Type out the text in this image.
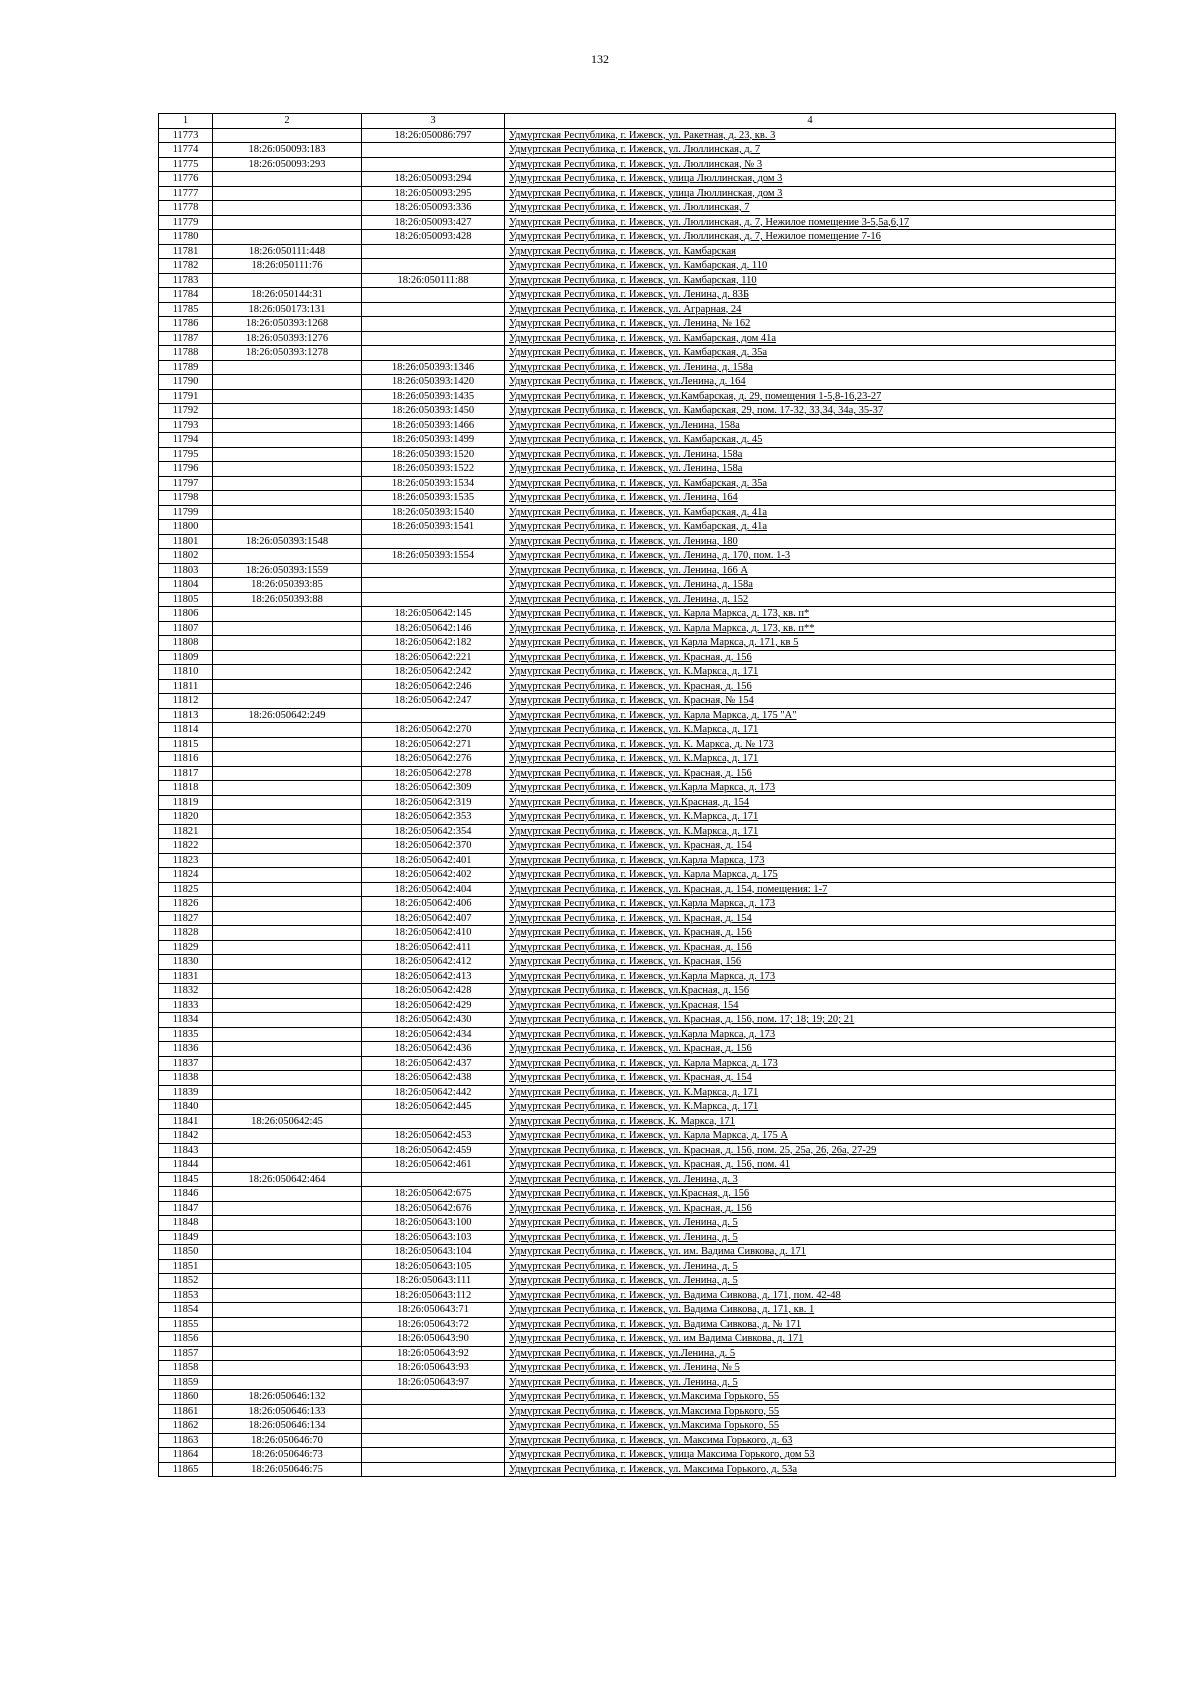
132
1	2	3	4
11773		18:26:050086:797	Удмуртская Республика, г. Ижевск, ул. Ракетная, д. 23, кв. 3
11774	18:26:050093:183		Удмуртская Республика, г. Ижевск, ул. Люллинская, д. 7
11775	18:26:050093:293		Удмуртская Республика, г. Ижевск, ул. Люллинская, № 3
11776		18:26:050093:294	Удмуртская Республика, г. Ижевск, улица Люллинская, дом 3
11777		18:26:050093:295	Удмуртская Республика, г. Ижевск, улица Люллинская, дом 3
11778		18:26:050093:336	Удмуртская Республика, г. Ижевск, ул. Люллинская, 7
11779		18:26:050093:427	Удмуртская Республика, г. Ижевск, ул. Люллинская, д. 7, Нежилое помещение 3-5,5а,6,17
11780		18:26:050093:428	Удмуртская Республика, г. Ижевск, ул. Люллинская, д. 7, Нежилое помещение 7-16
11781	18:26:050111:448		Удмуртская Республика, г. Ижевск, ул. Камбарская
11782	18:26:050111:76		Удмуртская Республика, г. Ижевск, ул. Камбарская, д. 110
11783		18:26:050111:88	Удмуртская Республика, г. Ижевск, ул. Камбарская, 110
11784	18:26:050144:31		Удмуртская Республика, г. Ижевск, ул. Ленина, д. 83Б
11785	18:26:050173:131		Удмуртская Республика, г. Ижевск, ул. Аграрная, 24
11786	18:26:050393:1268		Удмуртская Республика, г. Ижевск, ул. Ленина, № 162
11787	18:26:050393:1276		Удмуртская Республика, г. Ижевск, ул. Камбарская, дом 41а
11788	18:26:050393:1278		Удмуртская Республика, г. Ижевск, ул. Камбарская, д. 35а
11789		18:26:050393:1346	Удмуртская Республика, г. Ижевск, ул. Ленина, д. 158а
11790		18:26:050393:1420	Удмуртская Республика, г. Ижевск, ул.Ленина, д. 164
11791		18:26:050393:1435	Удмуртская Республика, г. Ижевск, ул.Камбарская, д. 29, помещения 1-5,8-16,23-27
11792		18:26:050393:1450	Удмуртская Республика, г. Ижевск, ул. Камбарская, 29, пом. 17-32, 33,34, 34а, 35-37
11793		18:26:050393:1466	Удмуртская Республика, г. Ижевск, ул.Ленина, 158а
11794		18:26:050393:1499	Удмуртская Республика, г. Ижевск, ул. Камбарская, д. 45
11795		18:26:050393:1520	Удмуртская Республика, г. Ижевск, ул. Ленина, 158а
11796		18:26:050393:1522	Удмуртская Республика, г. Ижевск, ул. Ленина, 158а
11797		18:26:050393:1534	Удмуртская Республика, г. Ижевск, ул. Камбарская, д. 35а
11798		18:26:050393:1535	Удмуртская Республика, г. Ижевск, ул. Ленина, 164
11799		18:26:050393:1540	Удмуртская Республика, г. Ижевск, ул. Камбарская, д. 41а
11800		18:26:050393:1541	Удмуртская Республика, г. Ижевск, ул. Камбарская, д. 41а
11801	18:26:050393:1548		Удмуртская Республика, г. Ижевск, ул. Ленина, 180
11802		18:26:050393:1554	Удмуртская Республика, г. Ижевск, ул. Ленина, д. 170, пом. 1-3
11803	18:26:050393:1559		Удмуртская Республика, г. Ижевск, ул. Ленина, 166 А
11804	18:26:050393:85		Удмуртская Республика, г. Ижевск, ул. Ленина, д. 158а
11805	18:26:050393:88		Удмуртская Республика, г. Ижевск, ул. Ленина, д. 152
11806		18:26:050642:145	Удмуртская Республика, г. Ижевск, ул. Карла Маркса, д. 173, кв. п*
11807		18:26:050642:146	Удмуртская Республика, г. Ижевск, ул. Карла Маркса, д. 173, кв. п**
11808		18:26:050642:182	Удмуртская Республика, г. Ижевск, ул Карла Маркса, д. 171, кв 5
11809		18:26:050642:221	Удмуртская Республика, г. Ижевск, ул. Красная, д. 156
11810		18:26:050642:242	Удмуртская Республика, г. Ижевск, ул. К.Маркса, д. 171
11811		18:26:050642:246	Удмуртская Республика, г. Ижевск, ул. Красная, д. 156
11812		18:26:050642:247	Удмуртская Республика, г. Ижевск, ул. Красная, № 154
11813	18:26:050642:249		Удмуртская Республика, г. Ижевск, ул. Карла Маркса, д. 175 "А"
11814		18:26:050642:270	Удмуртская Республика, г. Ижевск, ул. К.Маркса, д. 171
11815		18:26:050642:271	Удмуртская Республика, г. Ижевск, ул. К. Маркса, д. № 173
11816		18:26:050642:276	Удмуртская Республика, г. Ижевск, ул. К.Маркса, д. 171
11817		18:26:050642:278	Удмуртская Республика, г. Ижевск, ул. Красная, д. 156
11818		18:26:050642:309	Удмуртская Республика, г. Ижевск, ул.Карла Маркса, д. 173
11819		18:26:050642:319	Удмуртская Республика, г. Ижевск, ул.Красная, д. 154
11820		18:26:050642:353	Удмуртская Республика, г. Ижевск, ул. К.Маркса, д. 171
11821		18:26:050642:354	Удмуртская Республика, г. Ижевск, ул. К.Маркса, д. 171
11822		18:26:050642:370	Удмуртская Республика, г. Ижевск, ул. Красная, д. 154
11823		18:26:050642:401	Удмуртская Республика, г. Ижевск, ул.Карла Маркса, 173
11824		18:26:050642:402	Удмуртская Республика, г. Ижевск, ул. Карла Маркса, д. 175
11825		18:26:050642:404	Удмуртская Республика, г. Ижевск, ул. Красная, д. 154, помещения: 1-7
11826		18:26:050642:406	Удмуртская Республика, г. Ижевск, ул.Карла Маркса, д. 173
11827		18:26:050642:407	Удмуртская Республика, г. Ижевск, ул. Красная, д. 154
11828		18:26:050642:410	Удмуртская Республика, г. Ижевск, ул. Красная, д. 156
11829		18:26:050642:411	Удмуртская Республика, г. Ижевск, ул. Красная, д. 156
11830		18:26:050642:412	Удмуртская Республика, г. Ижевск, ул. Красная, 156
11831		18:26:050642:413	Удмуртская Республика, г. Ижевск, ул.Карла Маркса, д. 173
11832		18:26:050642:428	Удмуртская Республика, г. Ижевск, ул.Красная, д. 156
11833		18:26:050642:429	Удмуртская Республика, г. Ижевск, ул.Красная, 154
11834		18:26:050642:430	Удмуртская Республика, г. Ижевск, ул. Красная, д. 156, пом. 17; 18; 19; 20; 21
11835		18:26:050642:434	Удмуртская Республика, г. Ижевск, ул.Карла Маркса, д. 173
11836		18:26:050642:436	Удмуртская Республика, г. Ижевск, ул. Красная, д. 156
11837		18:26:050642:437	Удмуртская Республика, г. Ижевск, ул. Карла Маркса, д. 173
11838		18:26:050642:438	Удмуртская Республика, г. Ижевск, ул. Красная, д. 154
11839		18:26:050642:442	Удмуртская Республика, г. Ижевск, ул. К.Маркса, д. 171
11840		18:26:050642:445	Удмуртская Республика, г. Ижевск, ул. К.Маркса, д. 171
11841	18:26:050642:45		Удмуртская Республика, г. Ижевск, К. Маркса, 171
11842		18:26:050642:453	Удмуртская Республика, г. Ижевск, ул. Карла Маркса, д. 175 А
11843		18:26:050642:459	Удмуртская Республика, г. Ижевск, ул. Красная, д. 156, пом. 25, 25а, 26, 26а, 27-29
11844		18:26:050642:461	Удмуртская Республика, г. Ижевск, ул. Красная, д. 156, пом. 41
11845	18:26:050642:464		Удмуртская Республика, г. Ижевск, ул. Ленина, д. 3
11846		18:26:050642:675	Удмуртская Республика, г. Ижевск, ул.Красная, д. 156
11847		18:26:050642:676	Удмуртская Республика, г. Ижевск, ул. Красная, д. 156
11848		18:26:050643:100	Удмуртская Республика, г. Ижевск, ул. Ленина, д. 5
11849		18:26:050643:103	Удмуртская Республика, г. Ижевск, ул. Ленина, д. 5
11850		18:26:050643:104	Удмуртская Республика, г. Ижевск, ул. им. Вадима Сивкова, д. 171
11851		18:26:050643:105	Удмуртская Республика, г. Ижевск, ул. Ленина, д. 5
11852		18:26:050643:111	Удмуртская Республика, г. Ижевск, ул. Ленина, д. 5
11853		18:26:050643:112	Удмуртская Республика, г. Ижевск, ул. Вадима Сивкова, д. 171, пом. 42-48
11854		18:26:050643:71	Удмуртская Республика, г. Ижевск, ул. Вадима Сивкова, д. 171, кв. 1
11855		18:26:050643:72	Удмуртская Республика, г. Ижевск, ул. Вадима Сивкова, д. № 171
11856		18:26:050643:90	Удмуртская Республика, г. Ижевск, ул. им Вадима Сивкова, д. 171
11857		18:26:050643:92	Удмуртская Республика, г. Ижевск, ул.Ленина, д. 5
11858		18:26:050643:93	Удмуртская Республика, г. Ижевск, ул. Ленина, № 5
11859		18:26:050643:97	Удмуртская Республика, г. Ижевск, ул. Ленина, д. 5
11860	18:26:050646:132		Удмуртская Республика, г. Ижевск, ул.Максима Горького, 55
11861	18:26:050646:133		Удмуртская Республика, г. Ижевск, ул.Максима Горького, 55
11862	18:26:050646:134		Удмуртская Республика, г. Ижевск, ул.Максима Горького, 55
11863	18:26:050646:70		Удмуртская Республика, г. Ижевск, ул. Максима Горького, д. 63
11864	18:26:050646:73		Удмуртская Республика, г. Ижевск, улица Максима Горького, дом 53
11865	18:26:050646:75		Удмуртская Республика, г. Ижевск, ул. Максима Горького, д. 53а
